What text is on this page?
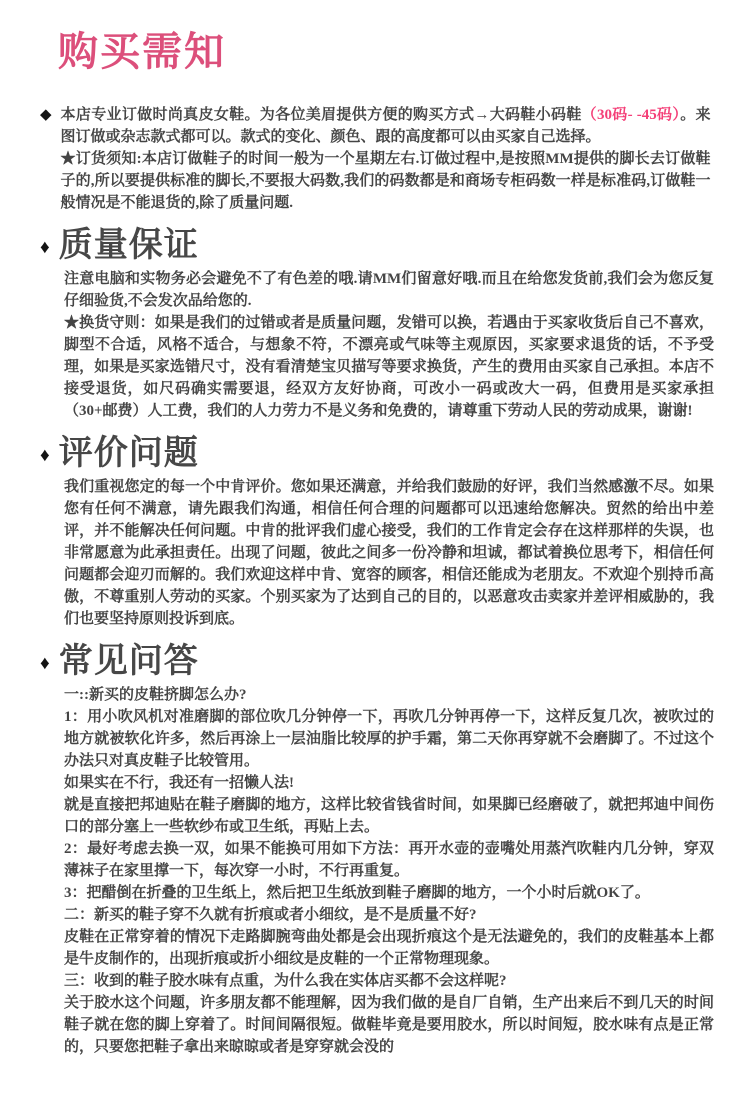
购买需知
◆ 本店专业订做时尚真皮女鞋。为各位美眉提供方便的购买方式→大码鞋小码鞋（30码- -45码）。来图订做或杂志款式都可以。款式的变化、颜色、跟的高度都可以由买家自己选择。

★订货须知:本店订做鞋子的时间一般为一个星期左右.订做过程中,是按照MM提供的脚长去订做鞋子的,所以要提供标准的脚长,不要报大码数,我们的码数都是和商场专柜码数一样是标准码,订做鞋一般情况是不能退货的,除了质量问题.

♦ 质量保证

注意电脑和实物务必会避免不了有色差的哦.请MM们留意好哦.而且在给您发货前,我们会为您反复仔细验货,不会发次品给您的.

★换货守则：如果是我们的过错或者是质量问题，发错可以换，若遇由于买家收货后自己不喜欢，脚型不合适，风格不适合，与想象不符，不漂亮或气味等主观原因，买家要求退货的话，不予受理，如果是买家选错尺寸，没有看清楚宝贝描写等要求换货，产生的费用由买家自己承担。本店不接受退货，如尺码确实需要退，经双方友好协商，可改小一码或改大一码，但费用是买家承担（30+邮费）人工费，我们的人力劳力不是义务和免费的，请尊重下劳动人民的劳动成果，谢谢!

♦ 评价问题

我们重视您定的每一个中肯评价。您如果还满意，并给我们鼓励的好评，我们当然感激不尽。如果您有任何不满意，请先跟我们沟通，相信任何合理的问题都可以迅速给您解决。贸然的给出中差评，并不能解决任何问题。中肯的批评我们虚心接受，我们的工作肯定会存在这样那样的失误，也非常愿意为此承担责任。出现了问题，彼此之间多一份冷静和坦诚，都试着换位思考下，相信任何问题都会迎刃而解的。我们欢迎这样中肯、宽容的顾客，相信还能成为老朋友。不欢迎个别持币高傲，不尊重别人劳动的买家。个别买家为了达到自己的目的，以恶意攻击卖家并差评相威胁的，我们也要坚持原则投诉到底。

♦ 常见问答

一::新买的皮鞋挤脚怎么办?

1：用小吹风机对准磨脚的部位吹几分钟停一下，再吹几分钟再停一下，这样反复几次，被吹过的地方就被软化许多，然后再涂上一层油脂比较厚的护手霜，第二天你再穿就不会磨脚了。不过这个办法只对真皮鞋子比较管用。

如果实在不行，我还有一招懒人法!

就是直接把邦迪贴在鞋子磨脚的地方，这样比较省钱省时间，如果脚已经磨破了，就把邦迪中间伤口的部分塞上一些软纱布或卫生纸，再贴上去。

2：最好考虑去换一双，如果不能换可用如下方法：再开水壶的壶嘴处用蒸汽吹鞋内几分钟，穿双薄袜子在家里撑一下，每次穿一小时，不行再重复。

3：把醋倒在折叠的卫生纸上，然后把卫生纸放到鞋子磨脚的地方，一个小时后就OK了。

二：新买的鞋子穿不久就有折痕或者小细纹，是不是质量不好?

皮鞋在正常穿着的情况下走路脚腕弯曲处都是会出现折痕这个是无法避免的，我们的皮鞋基本上都是牛皮制作的，出现折痕或折小细纹是皮鞋的一个正常物理现象。

三：收到的鞋子胶水味有点重，为什么我在实体店买都不会这样呢?

关于胶水这个问题，许多朋友都不能理解，因为我们做的是自厂自销，生产出来后不到几天的时间鞋子就在您的脚上穿着了。时间间隔很短。做鞋毕竟是要用胶水，所以时间短，胶水味有点是正常的，只要您把鞋子拿出来晾晾或者是穿穿就会没的
